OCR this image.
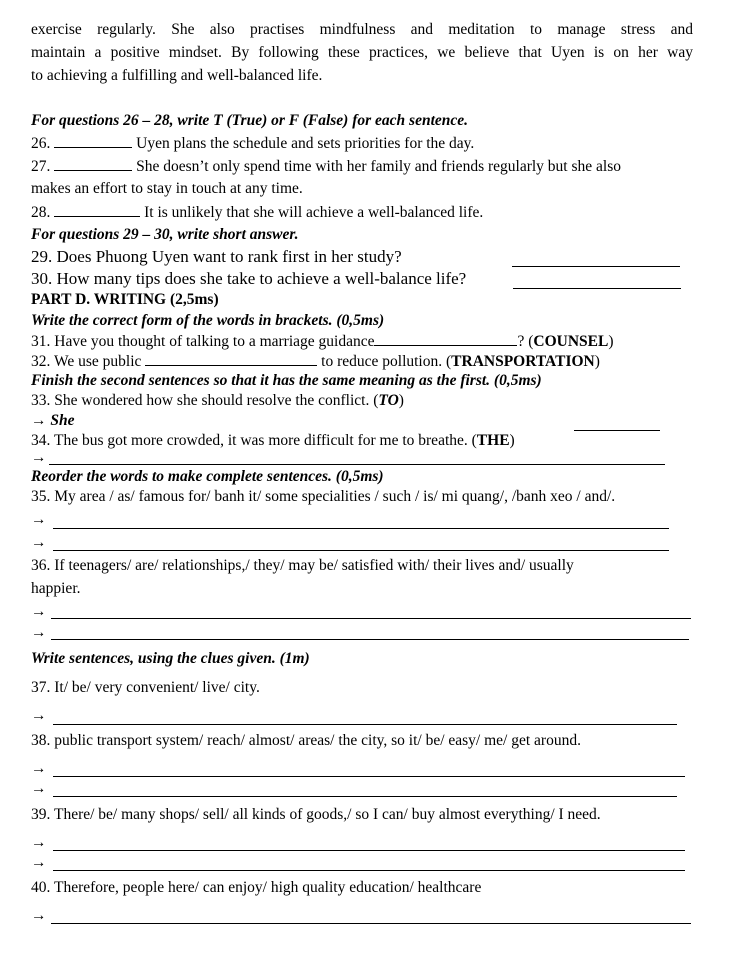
exercise regularly. She also practises mindfulness and meditation to manage stress and
maintain a positive mindset. By following these practices, we believe that Uyen is on her way
to achieving a fulfilling and well-balanced life.
For questions 26 – 28, write T (True) or F (False) for each sentence.
26.	Uyen plans the schedule and sets priorities for the day.
27.	She doesn’t only spend time with her family and friends regularly but she also
makes an effort to stay in touch at any time.
28.	It is unlikely that she will achieve a well-balanced life.
For questions 29 – 30, write short answer.
29. Does Phuong Uyen want to rank first in her study?
30. How many tips does she take to achieve a well-balance life?
PART D. WRITING (2,5ms)
Write the correct form of the words in brackets. (0,5ms)
31. Have you thought of talking to a marriage guidance	? (COUNSEL)
32. We use public	to reduce pollution. (TRANSPORTATION)
Finish the second sentences so that it has the same meaning as the first. (0,5ms)
33. She wondered how she should resolve the conflict. (TO)
→ She
34. The bus got more crowded, it was more difficult for me to breathe. (THE)
→
Reorder the words to make complete sentences. (0,5ms)
35. My area / as/ famous for/ banh it/ some specialities / such / is/ mi quang/, /banh xeo / and/.
→
→
36. If teenagers/ are/ relationships,/ they/ may be/ satisfied with/ their lives and/ usually
happier.
→
→
Write sentences, using the clues given. (1m)
37. It/ be/ very convenient/ live/ city.
→
38. public transport system/ reach/ almost/ areas/ the city, so it/ be/ easy/ me/ get around.
→
→
39. There/ be/ many shops/ sell/ all kinds of goods,/ so I can/ buy almost everything/ I need.
→
→
40. Therefore, people here/ can enjoy/ high quality education/ healthcare
→
